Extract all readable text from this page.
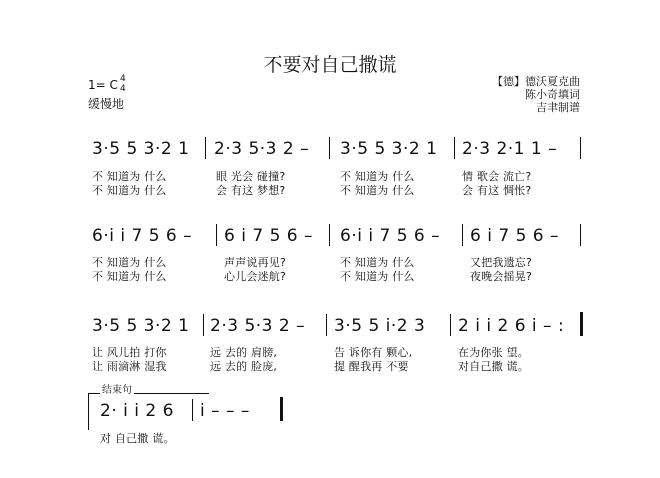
不要对自己撒谎
1= C 4
4
缓慢地
【德】德沃夏克曲
陈小奇填词
吉聿制谱
3·5 5 3·2 1 2·3 5·3 2 – 3·5 5 3·2 1 2·3 2·1 1 –
不 知道为 什么	眼 光会 碰撞?	不 知道为 什么	情 歌会 流亡?
不 知道为 什么	会 有这 梦想?	不 知道为 什么	会 有这 惆怅?
6·i i 7 5 6 – 6 i 7 5 6 – 6·i i 7 5 6 – 6 i 7 5 6 –
不 知道为 什么	声声说再见?	不 知道为 什么	又把我遗忘?
不 知道为 什么	心儿会迷航?	不 知道为 什么	夜晚会摇晃?
3·5 5 3·2 1 2·3 5·3 2 – 3·5 5 i·2 3 2 i i 2 6 i – :
让 风儿拍 打你	远 去的 肩膀,	告 诉你有 颗心,	在为你张 望。
让 雨滴淋 湿我	远 去的 脸庞,	提 醒我再 不要	对自己撒 谎。
结束句
2· i i 2 6 i – – –
对 自己撒 谎。
